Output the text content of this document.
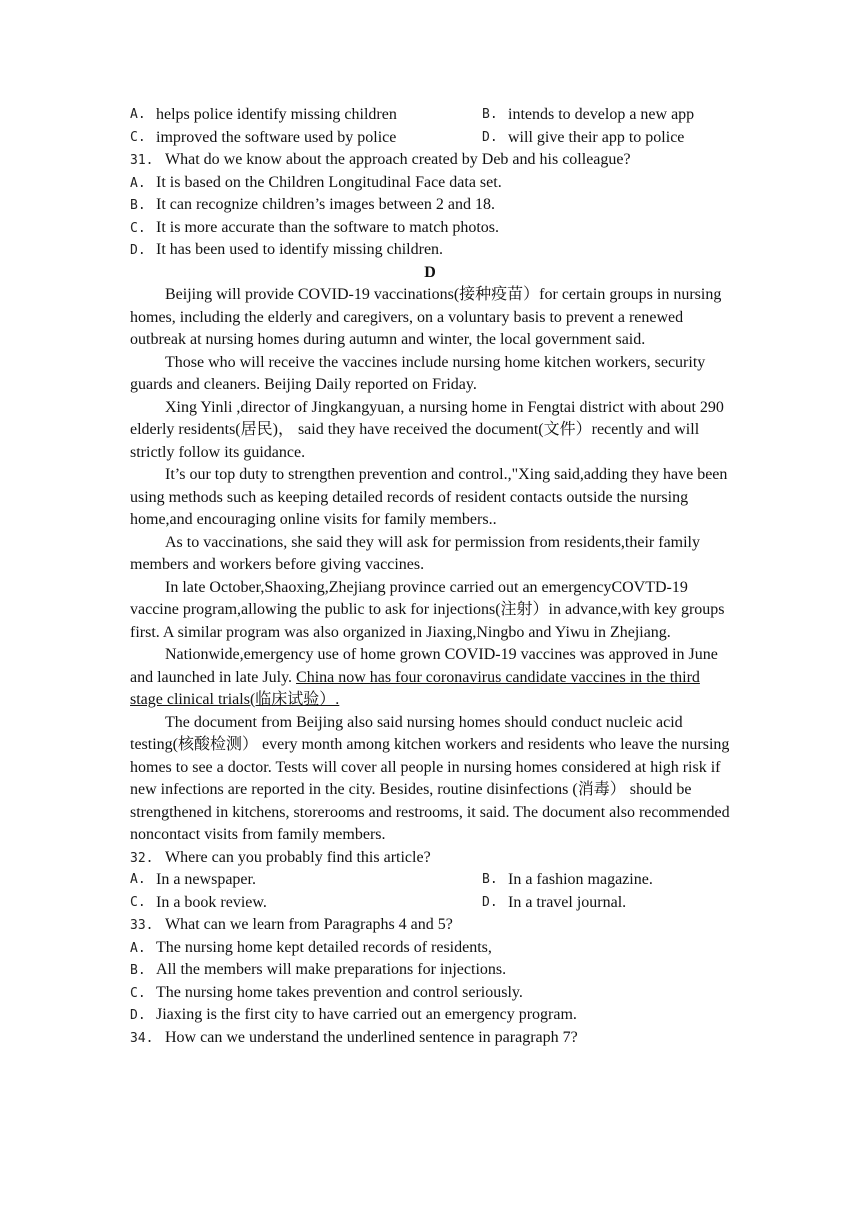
A. helps police identify missing children	B. intends to develop a new app
C. improved the software used by police	D. will give their app to police
31. What do we know about the approach created by Deb and his colleague?
A. It is based on the Children Longitudinal Face data set.
B. It can recognize children’s images between 2 and 18.
C. It is more accurate than the software to match photos.
D. It has been used to identify missing children.
D

Beijing will provide COVID-19 vaccinations(接种疫苗）for certain groups in nursing homes, including the elderly and caregivers, on a voluntary basis to prevent a renewed outbreak at nursing homes during autumn and winter, the local government said.

Those who will receive the vaccines include nursing home kitchen workers, security guards and cleaners. Beijing Daily reported on Friday.

Xing Yinli ,director of Jingkangyuan, a nursing home in Fengtai district with about 290 elderly residents(居民)， said they have received the document(文件）recently and will strictly follow its guidance.

It’s our top duty to strengthen prevention and control.,"Xing said,adding they have been using methods such as keeping detailed records of resident contacts outside the nursing home,and encouraging online visits for family members..

As to vaccinations, she said they will ask for permission from residents,their family members and workers before giving vaccines.

In late October,Shaoxing,Zhejiang province carried out an emergencyCOVTD-19 vaccine program,allowing the public to ask for injections(注射）in advance,with key groups first. A similar program was also organized in Jiaxing,Ningbo and Yiwu in Zhejiang.

Nationwide,emergency use of home grown COVID-19 vaccines was approved in June and launched in late July. China now has four coronavirus candidate vaccines in the third stage clinical trials(临床试验）.

The document from Beijing also said nursing homes should conduct nucleic acid testing(核酸检测） every month among kitchen workers and residents who leave the nursing homes to see a doctor. Tests will cover all people in nursing homes considered at high risk if new infections are reported in the city. Besides, routine disinfections (消毒） should be strengthened in kitchens, storerooms and restrooms, it said. The document also recommended noncontact visits from family members.

32. Where can you probably find this article?
A. In a newspaper.	B. In a fashion magazine.
C. In a book review.	D. In a travel journal.
33. What can we learn from Paragraphs 4 and 5?
A. The nursing home kept detailed records of residents,
B. All the members will make preparations for injections.
C. The nursing home takes prevention and control seriously.
D. Jiaxing is the first city to have carried out an emergency program.
34. How can we understand the underlined sentence in paragraph 7?
